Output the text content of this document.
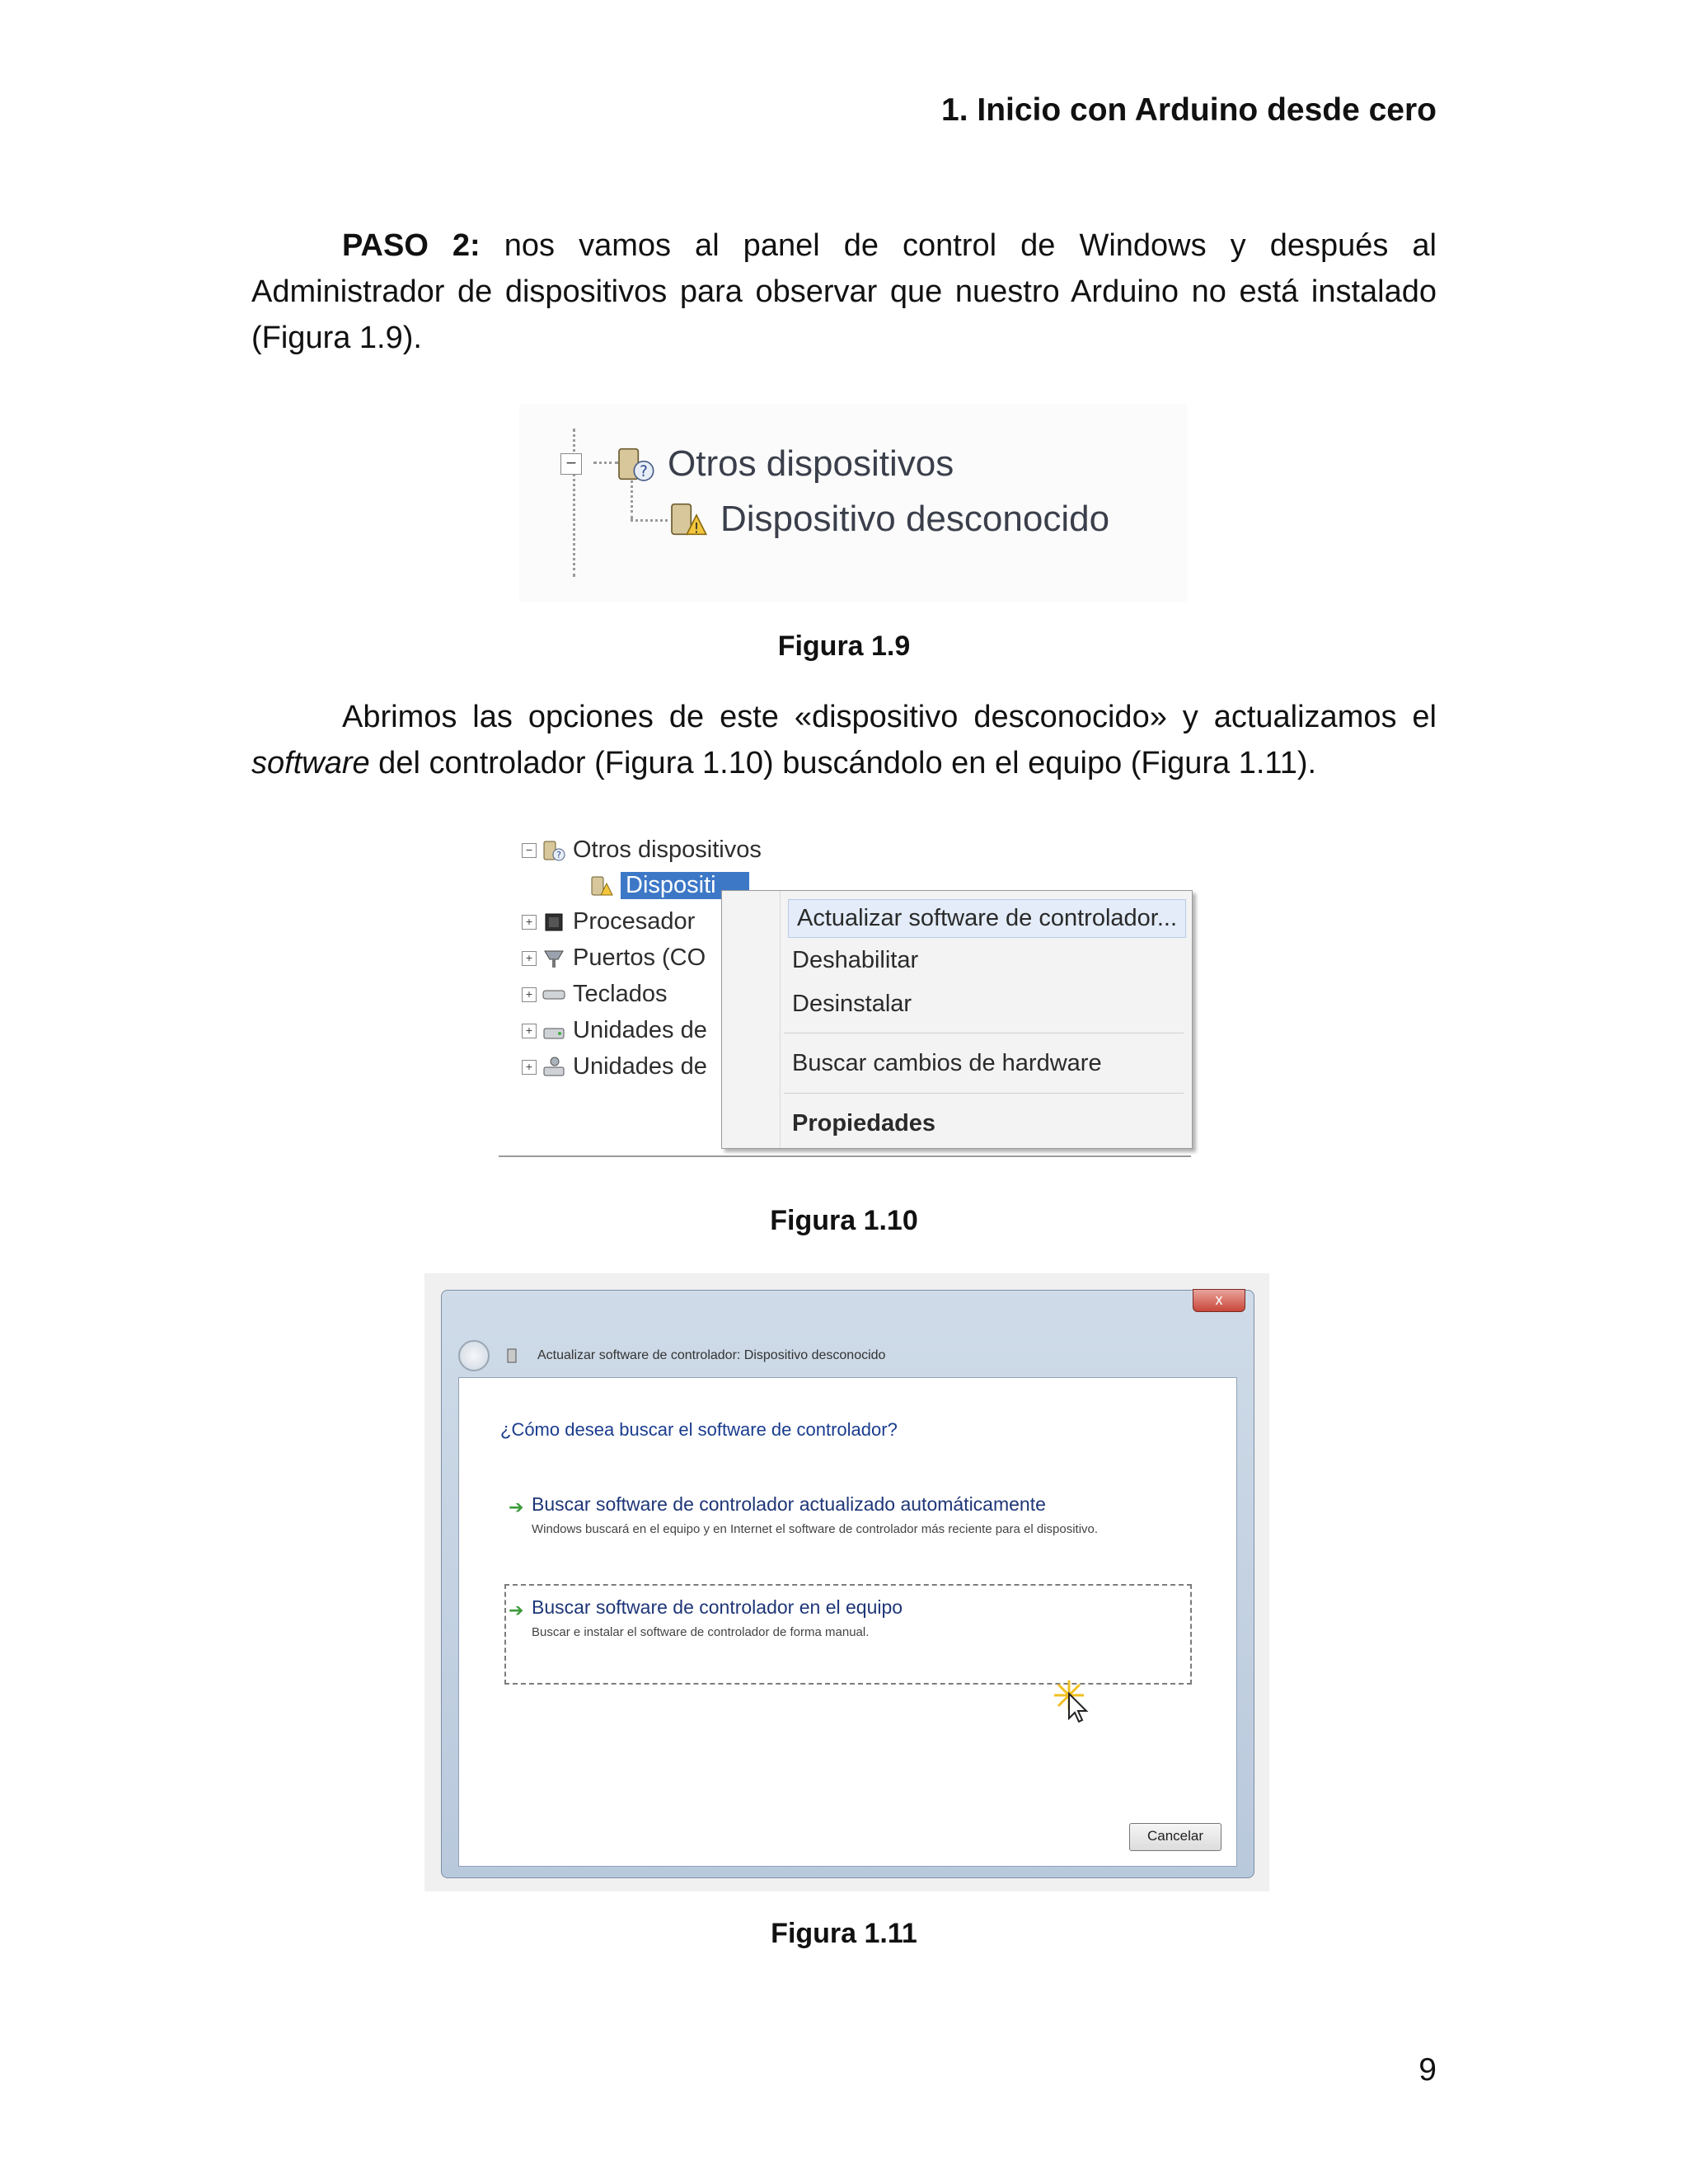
1. Inicio con Arduino desde cero
PASO 2: nos vamos al panel de control de Windows y después al Administrador de dispositivos para observar que nuestro Arduino no está instalado (Figura 1.9).
−	? Otros dispositivos
! Dispositivo desconocido
Figura 1.9
Abrimos las opciones de este «dispositivo desconocido» y actualizamos el software del controlador (Figura 1.10) buscándolo en el equipo (Figura 1.11).
−	? Otros dispositivos
Dispositi
+ Procesador
+ Puertos (CO
+ Teclados
+ Unidades de
+ Unidades de
Actualizar software de controlador...
Deshabilitar
Desinstalar
Buscar cambios de hardware
Propiedades
Figura 1.10
x
Actualizar software de controlador: Dispositivo desconocido
¿Cómo desea buscar el software de controlador?
➔ Buscar software de controlador actualizado automáticamente
Windows buscará en el equipo y en Internet el software de controlador más reciente para el dispositivo.
➔ Buscar software de controlador en el equipo
Buscar e instalar el software de controlador de forma manual.
Cancelar
Figura 1.11
9
